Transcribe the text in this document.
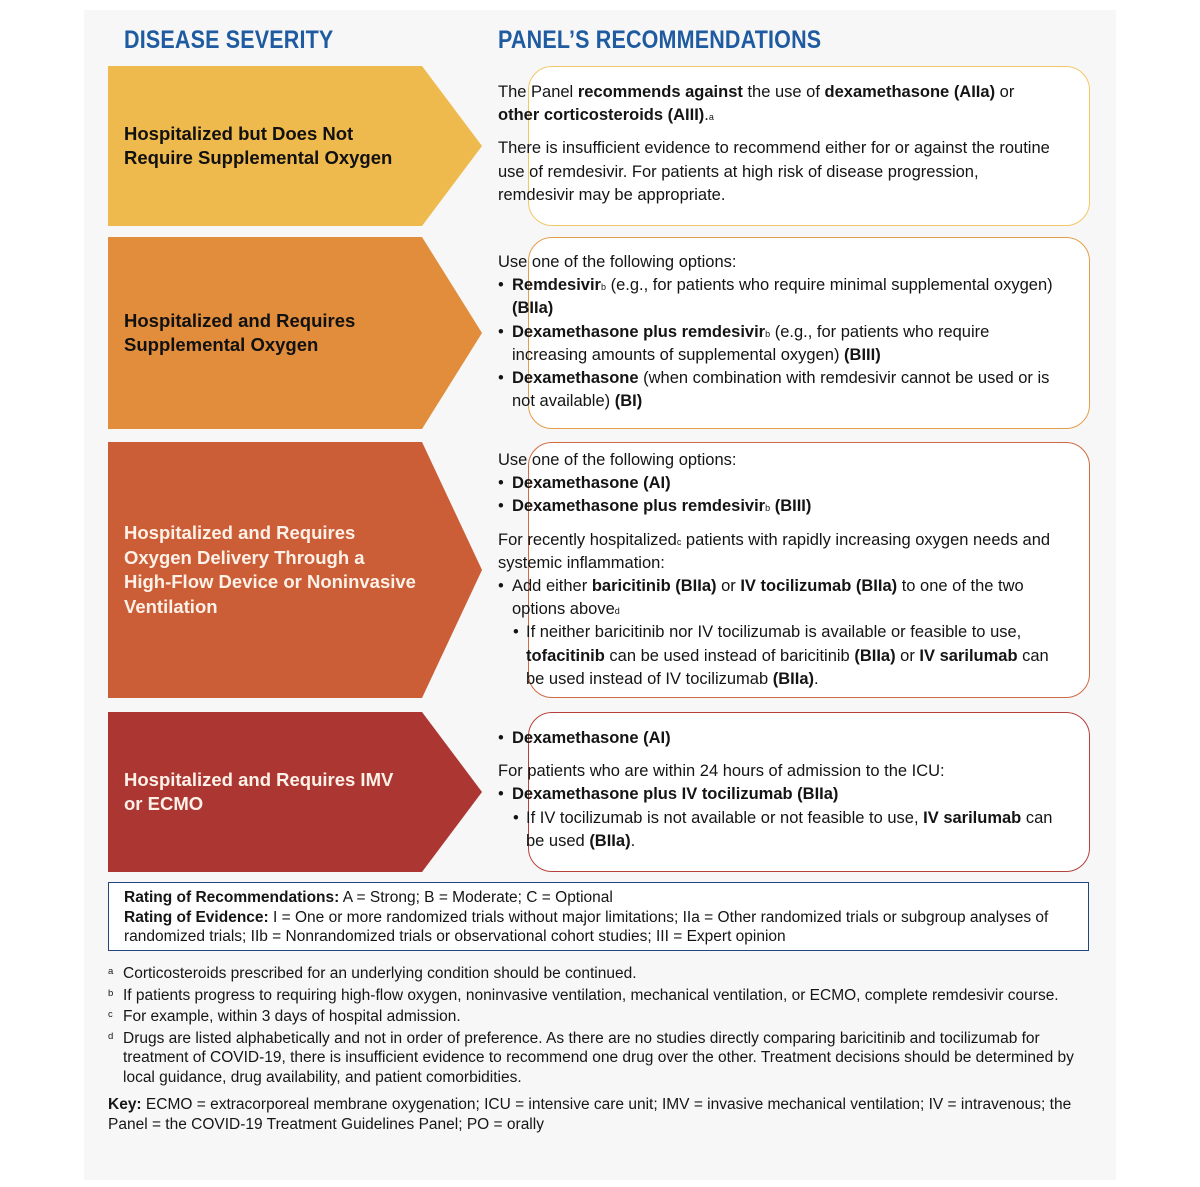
DISEASE SEVERITY	PANEL’S RECOMMENDATIONS
Hospitalized but Does Not
Require Supplemental Oxygen

The Panel recommends against the use of dexamethasone (AIIa) or other corticosteroids (AIII).$^a$

There is insufficient evidence to recommend either for or against the routine use of remdesivir. For patients at high risk of disease progression, remdesivir may be appropriate.

Hospitalized and Requires
Supplemental Oxygen

Use one of the following options:

• Remdesivir$^b$ (e.g., for patients who require minimal supplemental oxygen) (BIIa)
• Dexamethasone plus remdesivir$^b$ (e.g., for patients who require increasing amounts of supplemental oxygen) (BIII)
• Dexamethasone (when combination with remdesivir cannot be used or is not available) (BI)
Hospitalized and Requires
Oxygen Delivery Through a
High-Flow Device or Noninvasive
Ventilation

Use one of the following options:

• Dexamethasone (AI)
• Dexamethasone plus remdesivir$^b$ (BIII)

For recently hospitalized$^c$ patients with rapidly increasing oxygen needs and systemic inflammation:

• Add either baricitinib (BIIa) or IV tocilizumab (BIIa) to one of the two options above$^d$
• If neither baricitinib nor IV tocilizumab is available or feasible to use, tofacitinib can be used instead of baricitinib (BIIa) or IV sarilumab can be used instead of IV tocilizumab (BIIa).
Hospitalized and Requires IMV
or ECMO
• Dexamethasone (AI)

For patients who are within 24 hours of admission to the ICU:

• Dexamethasone plus IV tocilizumab (BIIa)
• If IV tocilizumab is not available or not feasible to use, IV sarilumab can be used (BIIa).
Rating of Recommendations: A = Strong; B = Moderate; C = Optional
Rating of Evidence: I = One or more randomized trials without major limitations; IIa = Other randomized trials or subgroup analyses of randomized trials; IIb = Nonrandomized trials or observational cohort studies; III = Expert opinion
a Corticosteroids prescribed for an underlying condition should be continued.
b If patients progress to requiring high-flow oxygen, noninvasive ventilation, mechanical ventilation, or ECMO, complete remdesivir course.
c For example, within 3 days of hospital admission.
d Drugs are listed alphabetically and not in order of preference. As there are no studies directly comparing baricitinib and tocilizumab for treatment of COVID-19, there is insufficient evidence to recommend one drug over the other. Treatment decisions should be determined by local guidance, drug availability, and patient comorbidities.
Key: ECMO = extracorporeal membrane oxygenation; ICU = intensive care unit; IMV = invasive mechanical ventilation; IV = intravenous; the Panel = the COVID-19 Treatment Guidelines Panel; PO = orally
